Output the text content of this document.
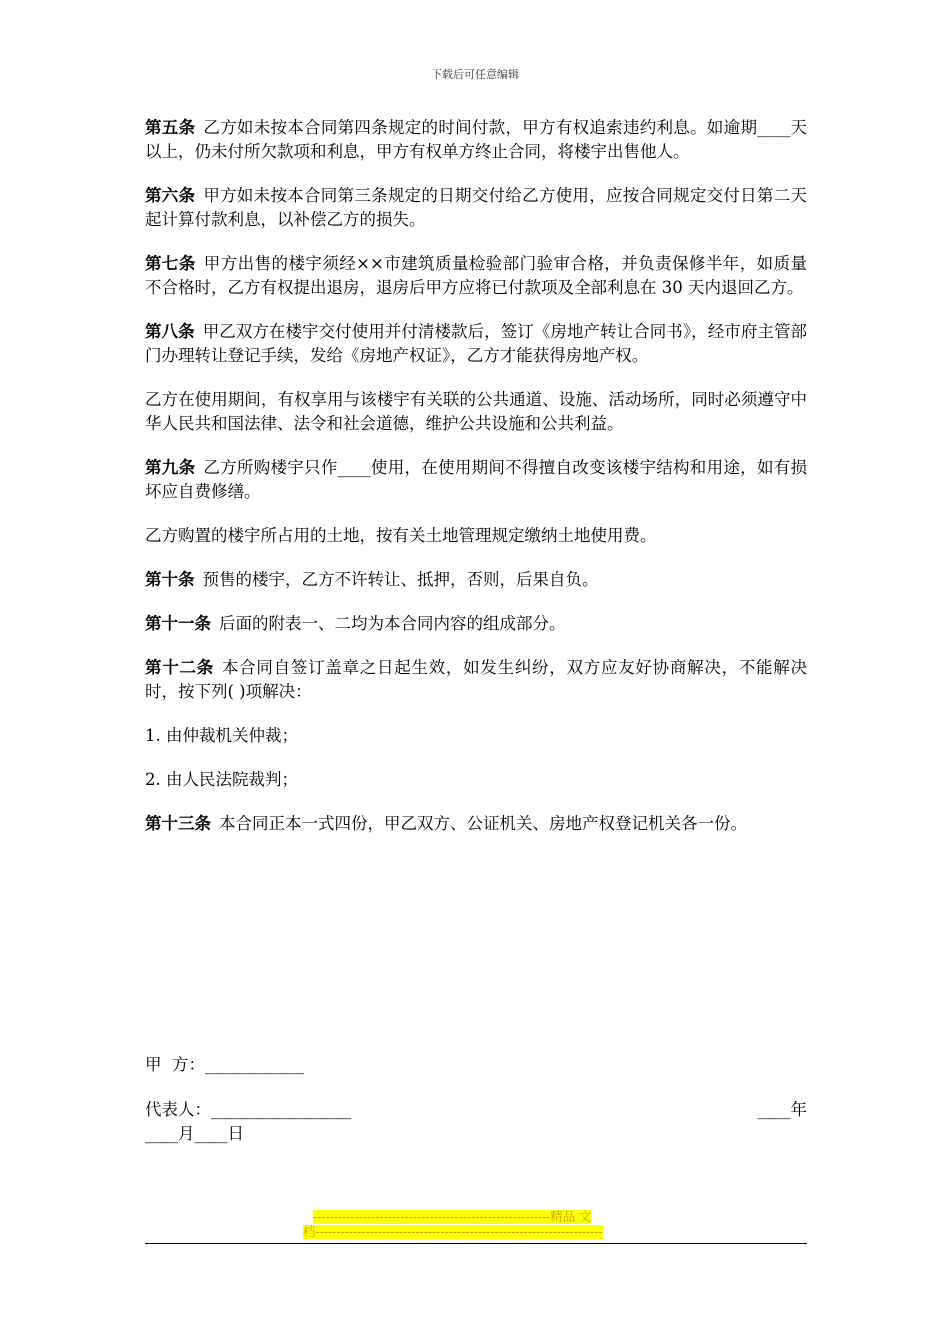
下载后可任意编辑

第五条 乙方如未按本合同第四条规定的时间付款，甲方有权追索违约利息。如逾期____天以上，仍未付所欠款项和利息，甲方有权单方终止合同，将楼宇出售他人。

第六条 甲方如未按本合同第三条规定的日期交付给乙方使用，应按合同规定交付日第二天起计算付款利息，以补偿乙方的损失。

第七条 甲方出售的楼宇须经××市建筑质量检验部门验审合格，并负责保修半年，如质量不合格时，乙方有权提出退房，退房后甲方应将已付款项及全部利息在 30 天内退回乙方。

第八条 甲乙双方在楼宇交付使用并付清楼款后，签订《房地产转让合同书》，经市府主管部门办理转让登记手续，发给《房地产权证》，乙方才能获得房地产权。

乙方在使用期间，有权享用与该楼宇有关联的公共通道、设施、活动场所，同时必须遵守中华人民共和国法律、法令和社会道德，维护公共设施和公共利益。

第九条 乙方所购楼宇只作____使用，在使用期间不得擅自改变该楼宇结构和用途，如有损坏应自费修缮。

乙方购置的楼宇所占用的土地，按有关土地管理规定缴纳土地使用费。

第十条 预售的楼宇，乙方不许转让、抵押，否则，后果自负。

第十一条 后面的附表一、二均为本合同内容的组成部分。

第十二条 本合同自签订盖章之日起生效，如发生纠纷，双方应友好协商解决，不能解决时，按下列( )项解决：

1. 由仲裁机关仲裁；

2. 由人民法院裁判；

第十三条 本合同正本一式四份，甲乙双方、公证机关、房地产权登记机关各一份。

甲  方：____________
代表人：_________________	____年
____月____日
---------------------------------------------------------精品 文
档---------------------------------------------------------------------
